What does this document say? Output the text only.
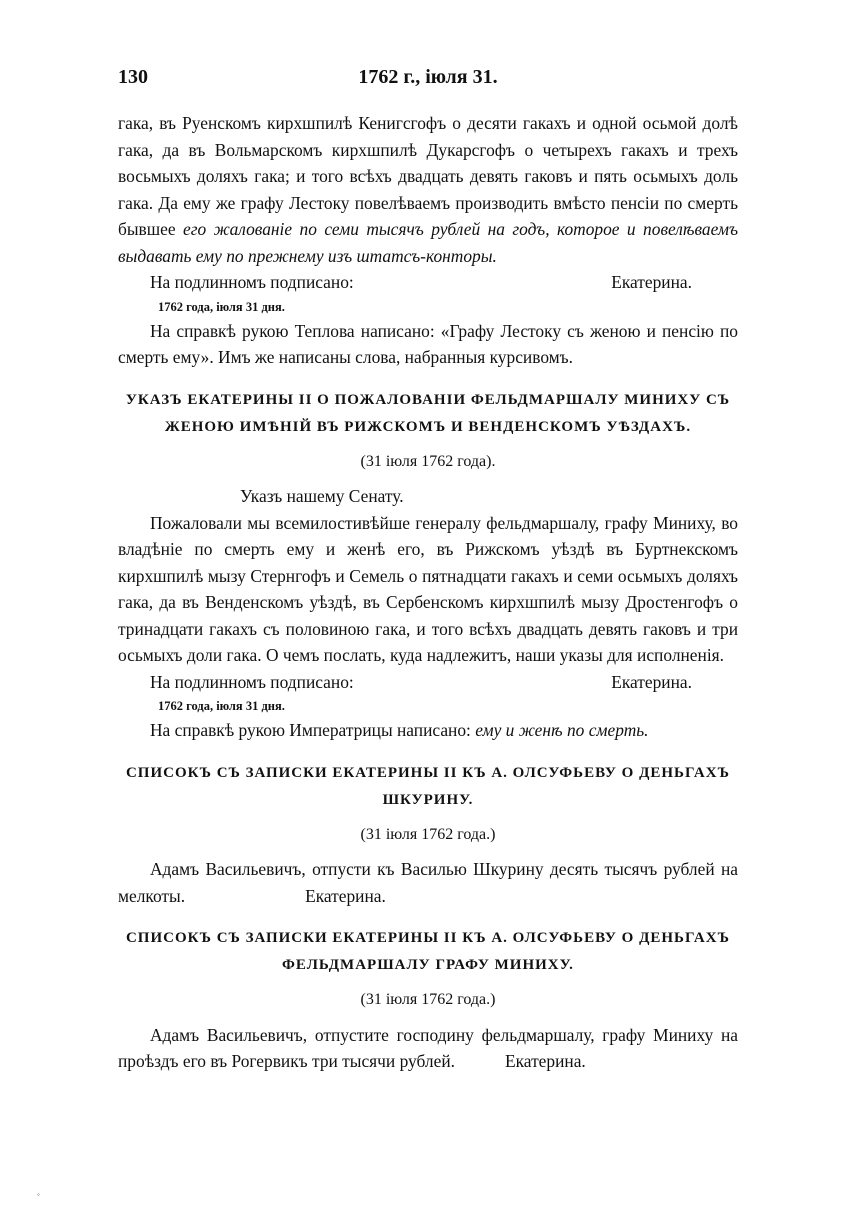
130	1762 г., iюля 31.

гака, въ Руенскомъ кирхшпилѣ Кенигсгофъ о десяти гакахъ и одной осьмой долѣ гака, да въ Вольмарскомъ кирхшпилѣ Дукарсгофъ о четырехъ гакахъ и трехъ восьмыхъ доляхъ гака; и того всѣхъ двадцать девять гаковъ и пять осьмыхъ доль гака. Да ему же графу Лестоку повелѣваемъ производить вмѣсто пенсiи по смерть бывшее его жалованiе по семи тысячъ рублей на годъ, которое и повелѣваемъ выдавать ему по прежнему изъ штатсъ-конторы.

На подлинномъ подписано:	Екатерина.
1762 года, iюля 31 дня.

На справкѣ рукою Теплова написано: «Графу Лестоку съ женою и пенсiю по смерть ему». Имъ же написаны слова, набранныя курсивомъ.

УКАЗЪ ЕКАТЕРИНЫ II О ПОЖАЛОВАНIИ ФЕЛЬДМАРШАЛУ МИНИХУ СЪ ЖЕНОЮ ИМѢНIЙ ВЪ РИЖСКОМЪ И ВЕНДЕНСКОМЪ УѢЗДАХЪ.
(31 iюля 1762 года).
Указъ нашему Сенату.

Пожаловали мы всемилостивѣйше генералу фельдмаршалу, графу Миниху, во владѣнiе по смерть ему и женѣ его, въ Рижскомъ уѣздѣ въ Буртнекскомъ кирхшпилѣ мызу Стернгофъ и Семель о пятнадцати гакахъ и семи осьмыхъ доляхъ гака, да въ Венденскомъ уѣздѣ, въ Сербенскомъ кирхшпилѣ мызу Дростенгофъ о тринадцати гакахъ съ половиною гака, и того всѣхъ двадцать девять гаковъ и три осьмыхъ доли гака. О чемъ послать, куда надлежитъ, наши указы для исполненiя.

На подлинномъ подписано:	Екатерина.
1762 года, iюля 31 дня.

На справкѣ рукою Императрицы написано: ему и женѣ по смерть.

СПИСОКЪ СЪ ЗАПИСКИ ЕКАТЕРИНЫ II КЪ А. ОЛСУФЬЕВУ О ДЕНЬГАХЪ ШКУРИНУ.
(31 iюля 1762 года.)

Адамъ Васильевичъ, отпусти къ Василью Шкурину десять тысячъ рублей на мелкоты.	Екатерина.

СПИСОКЪ СЪ ЗАПИСКИ ЕКАТЕРИНЫ II КЪ А. ОЛСУФЬЕВУ О ДЕНЬГАХЪ ФЕЛЬДМАРШАЛУ ГРАФУ МИНИХУ.
(31 iюля 1762 года.)

Адамъ Васильевичъ, отпустите господину фельдмаршалу, графу Миниху на проѣздъ его въ Рогервикъ три тысячи рублей.	Екатерина.

◦
